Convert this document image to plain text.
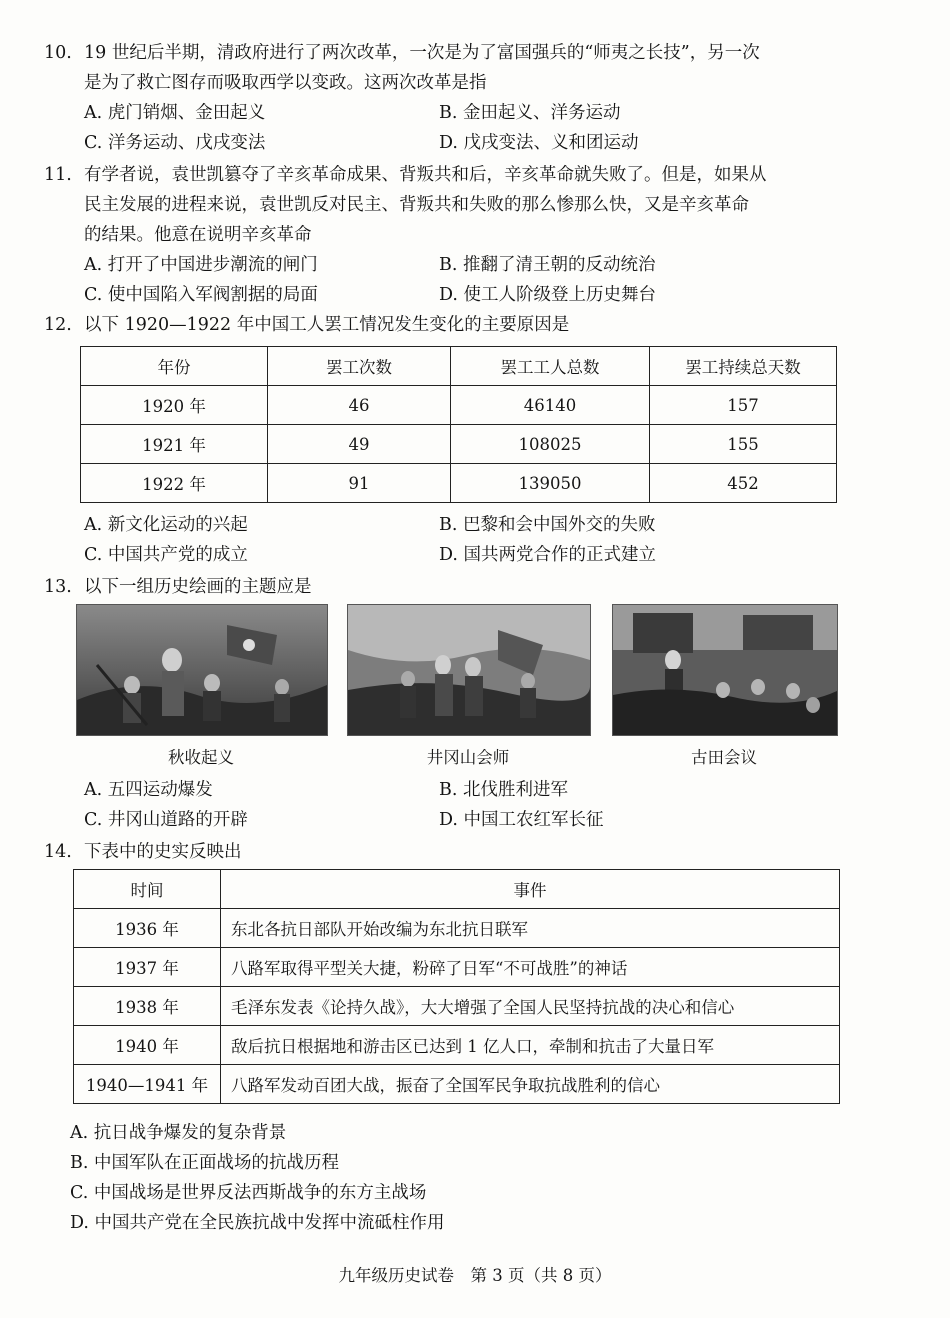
10. 19 世纪后半期，清政府进行了两次改革，一次是为了富国强兵的“师夷之长技”，另一次
是为了救亡图存而吸取西学以变政。这两次改革是指
A. 虎门销烟、金田起义	B. 金田起义、洋务运动
C. 洋务运动、戊戌变法	D. 戊戌变法、义和团运动
11. 有学者说，袁世凯篡夺了辛亥革命成果、背叛共和后，辛亥革命就失败了。但是，如果从
民主发展的进程来说，袁世凯反对民主、背叛共和失败的那么惨那么快，又是辛亥革命
的结果。他意在说明辛亥革命
A. 打开了中国进步潮流的闸门	B. 推翻了清王朝的反动统治
C. 使中国陷入军阀割据的局面	D. 使工人阶级登上历史舞台
12. 以下 1920—1922 年中国工人罢工情况发生变化的主要原因是
年份	罢工次数	罢工工人总数	罢工持续总天数
1920 年	46	46140	157
1921 年	49	108025	155
1922 年	91	139050	452
A. 新文化运动的兴起	B. 巴黎和会中国外交的失败
C. 中国共产党的成立	D. 国共两党合作的正式建立
13. 以下一组历史绘画的主题应是
秋收起义	井冈山会师	古田会议
A. 五四运动爆发	B. 北伐胜利进军
C. 井冈山道路的开辟	D. 中国工农红军长征
14. 下表中的史实反映出
时间	事件
1936 年	东北各抗日部队开始改编为东北抗日联军
1937 年	八路军取得平型关大捷，粉碎了日军“不可战胜”的神话
1938 年	毛泽东发表《论持久战》，大大增强了全国人民坚持抗战的决心和信心
1940 年	敌后抗日根据地和游击区已达到 1 亿人口，牵制和抗击了大量日军
1940—1941 年	八路军发动百团大战，振奋了全国军民争取抗战胜利的信心
A. 抗日战争爆发的复杂背景
B. 中国军队在正面战场的抗战历程
C. 中国战场是世界反法西斯战争的东方主战场
D. 中国共产党在全民族抗战中发挥中流砥柱作用
九年级历史试卷　第 3 页（共 8 页）
